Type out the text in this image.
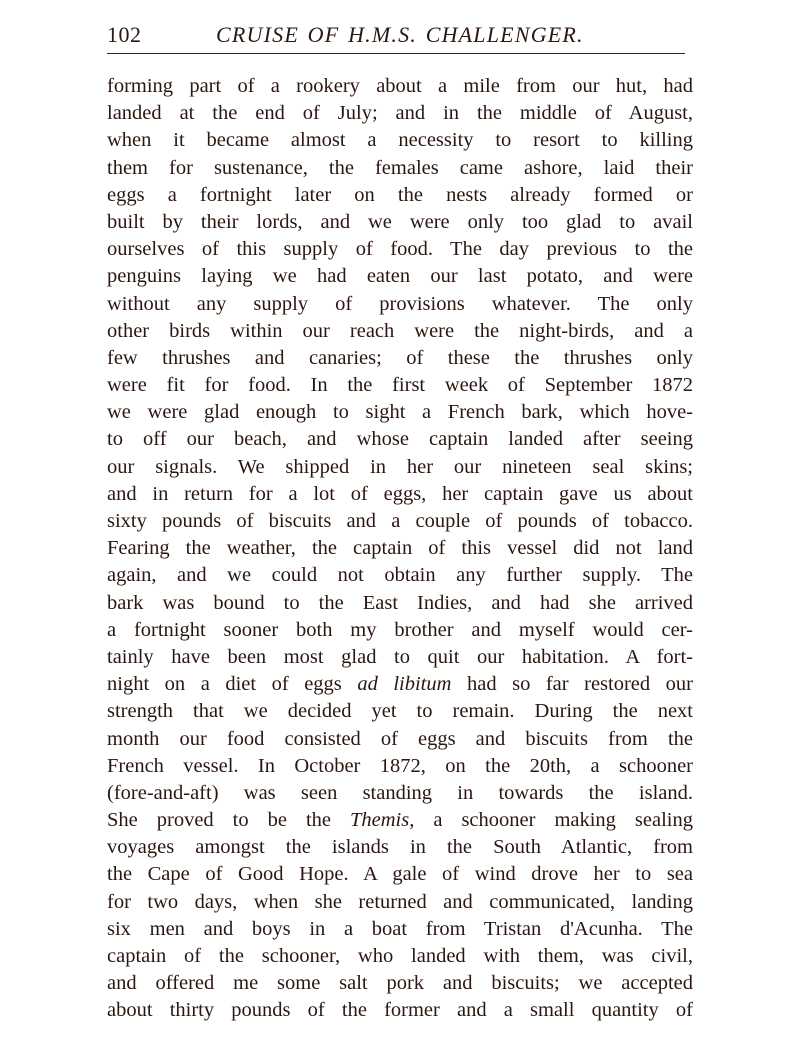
102	CRUISE OF H.M.S. CHALLENGER.
forming part of a rookery about a mile from our hut, had
landed at the end of July; and in the middle of August,
when it became almost a necessity to resort to killing
them for sustenance, the females came ashore, laid their
eggs a fortnight later on the nests already formed or
built by their lords, and we were only too glad to avail
ourselves of this supply of food. The day previous to the
penguins laying we had eaten our last potato, and were
without any supply of provisions whatever. The only
other birds within our reach were the night-birds, and a
few thrushes and canaries; of these the thrushes only
were fit for food. In the first week of September 1872
we were glad enough to sight a French bark, which hove-
to off our beach, and whose captain landed after seeing
our signals. We shipped in her our nineteen seal skins;
and in return for a lot of eggs, her captain gave us about
sixty pounds of biscuits and a couple of pounds of tobacco.
Fearing the weather, the captain of this vessel did not land
again, and we could not obtain any further supply. The
bark was bound to the East Indies, and had she arrived
a fortnight sooner both my brother and myself would cer-
tainly have been most glad to quit our habitation. A fort-
night on a diet of eggs ad libitum had so far restored our
strength that we decided yet to remain. During the next
month our food consisted of eggs and biscuits from the
French vessel. In October 1872, on the 20th, a schooner
(fore-and-aft) was seen standing in towards the island.
She proved to be the Themis, a schooner making sealing
voyages amongst the islands in the South Atlantic, from
the Cape of Good Hope. A gale of wind drove her to sea
for two days, when she returned and communicated, landing
six men and boys in a boat from Tristan d'Acunha. The
captain of the schooner, who landed with them, was civil,
and offered me some salt pork and biscuits; we accepted
about thirty pounds of the former and a small quantity of
